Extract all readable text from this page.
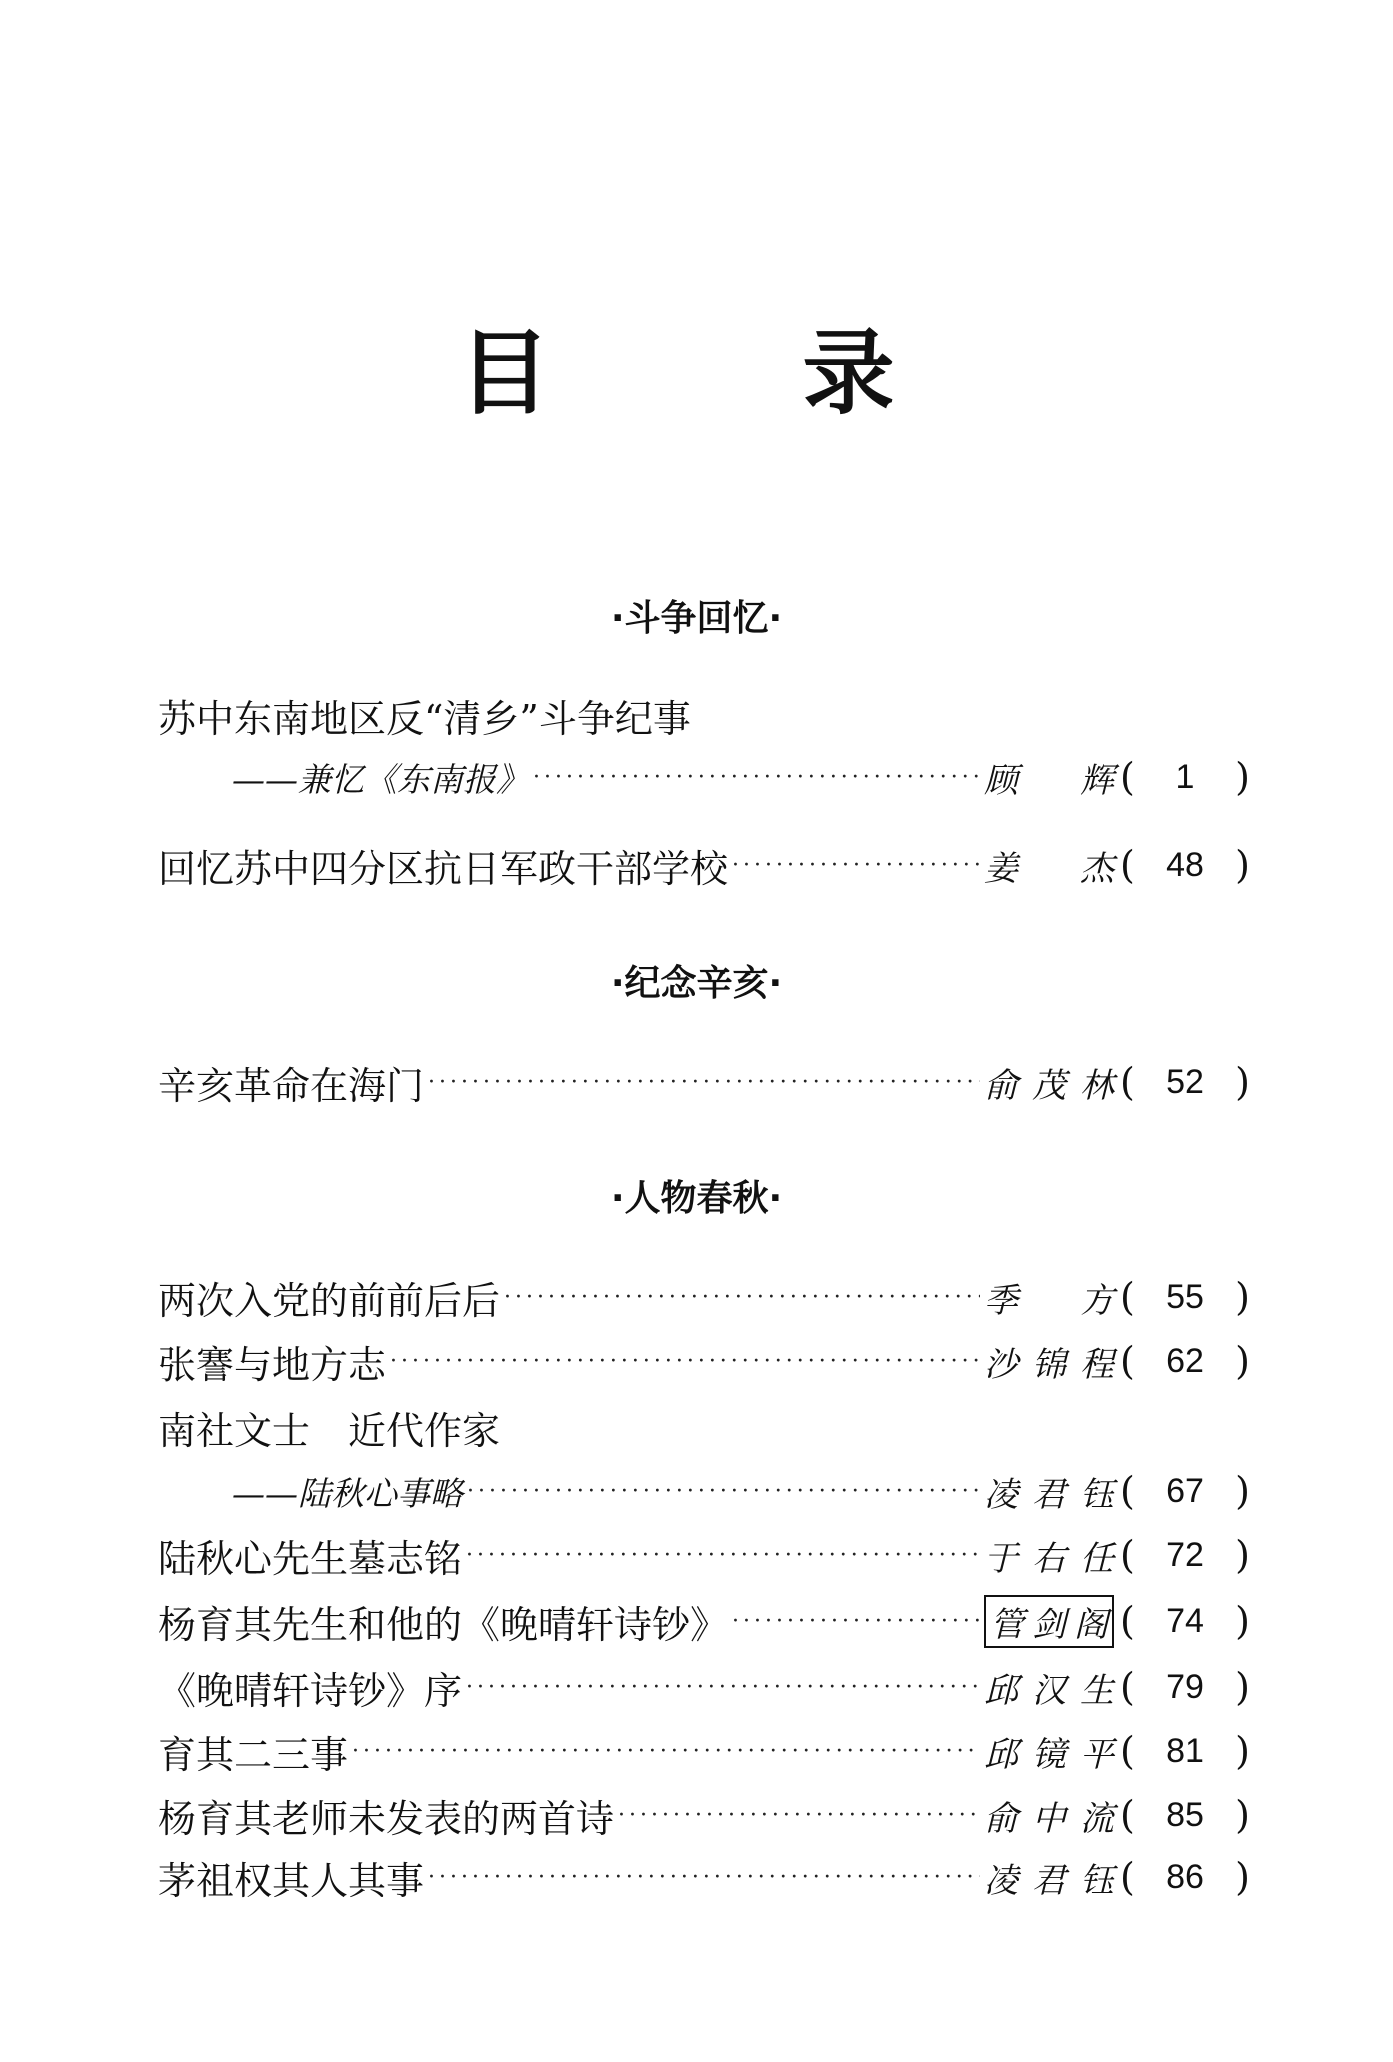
目　录
·斗争回忆·
苏中东南地区反“清乡”斗争纪事
——兼忆《东南报》 ·····	顾　辉 (	1	)
回忆苏中四分区抗日军政干部学校 ·····	姜　杰 ( 48 )
·纪念辛亥·
辛亥革命在海门 ·····	俞茂林 ( 52 )
·人物春秋·
两次入党的前前后后 ·····	季　方 ( 55 )
张謇与地方志 ·····	沙锦程 ( 62 )
南社文士　近代作家
——陆秋心事略 ·····	凌君钰 ( 67 )
陆秋心先生墓志铭 ·····	于右任 ( 72 )
杨育其先生和他的《晚晴轩诗钞》 ·····	管剑阁 ( 74 )
《晚晴轩诗钞》序 ·····	邱汉生 ( 79 )
育其二三事 ·····	邱镜平 ( 81 )
杨育其老师未发表的两首诗 ·····	俞中流 ( 85 )
茅祖权其人其事 ·····	凌君钰 ( 86 )
